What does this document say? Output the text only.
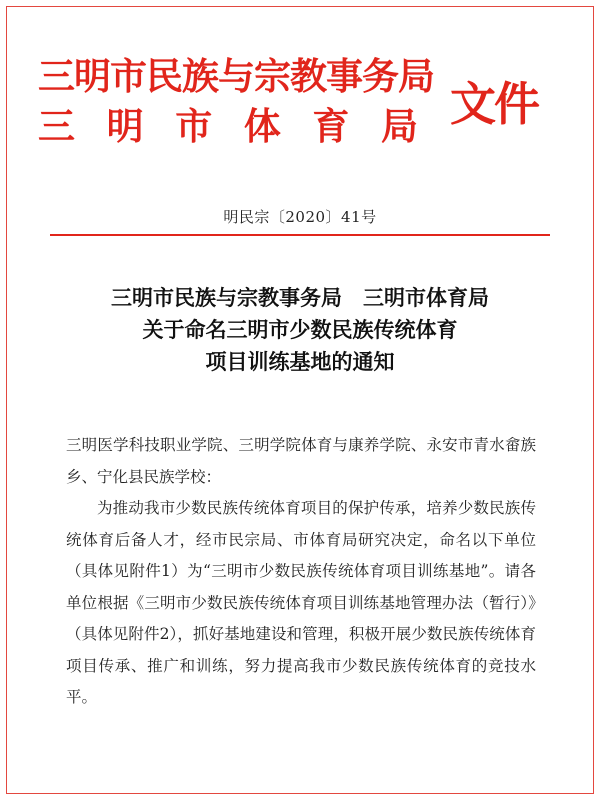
三明市民族与宗教事务局
三 明 市 体 育 局 文件
明民宗〔2020〕41号
三明市民族与宗教事务局　三明市体育局
关于命名三明市少数民族传统体育
项目训练基地的通知

三明医学科技职业学院、三明学院体育与康养学院、永安市青水畲族乡、宁化县民族学校：

为推动我市少数民族传统体育项目的保护传承，培养少数民族传统体育后备人才，经市民宗局、市体育局研究决定，命名以下单位（具体见附件1）为“三明市少数民族传统体育项目训练基地”。请各单位根据《三明市少数民族传统体育项目训练基地管理办法（暂行）》（具体见附件2），抓好基地建设和管理，积极开展少数民族传统体育项目传承、推广和训练，努力提高我市少数民族传统体育的竞技水平。
